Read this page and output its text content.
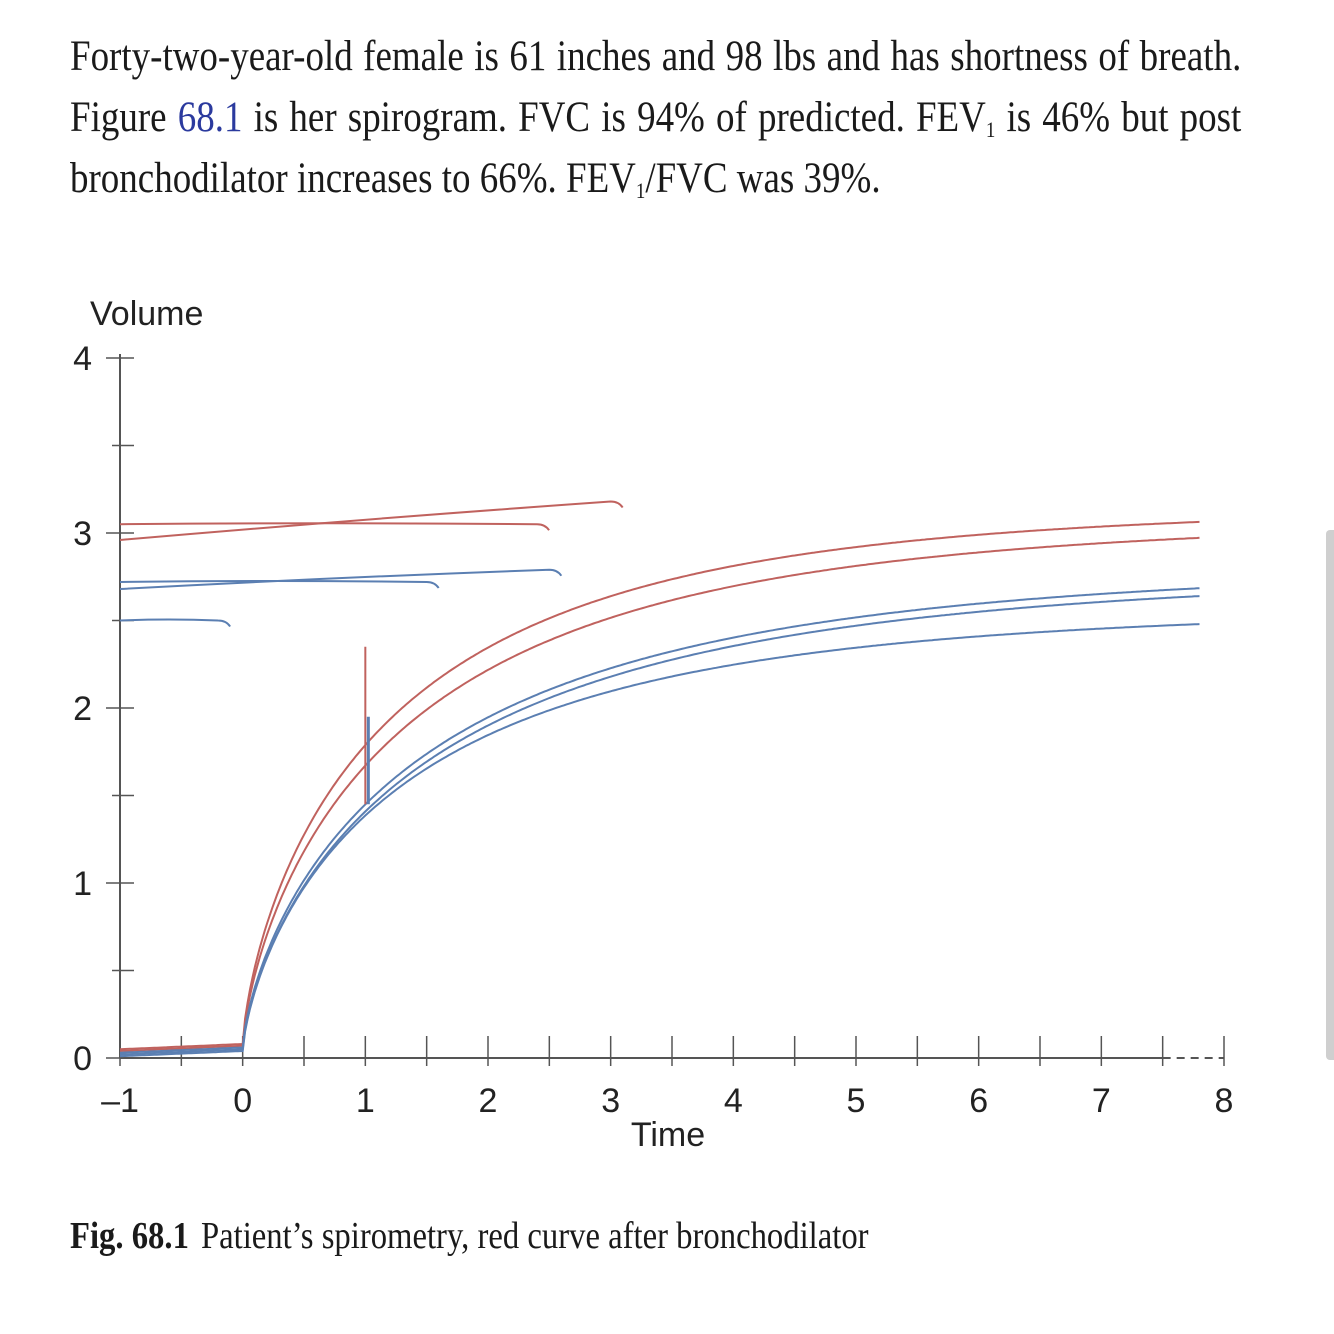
Forty-two-year-old female is 61 inches and 98 lbs and has shortness of breath. Figure 68.1 is her spirogram. FVC is 94% of predicted. $FEV_1$ is 46% but post bronchodilator increases to 66%. $FEV_1$/FVC was 39%.
0
1
2
3
4
–1	0	1	2	3	4	5	6	7	8
Volume
Time
Fig. 68.1 Patient’s spirometry, red curve after bronchodilator
